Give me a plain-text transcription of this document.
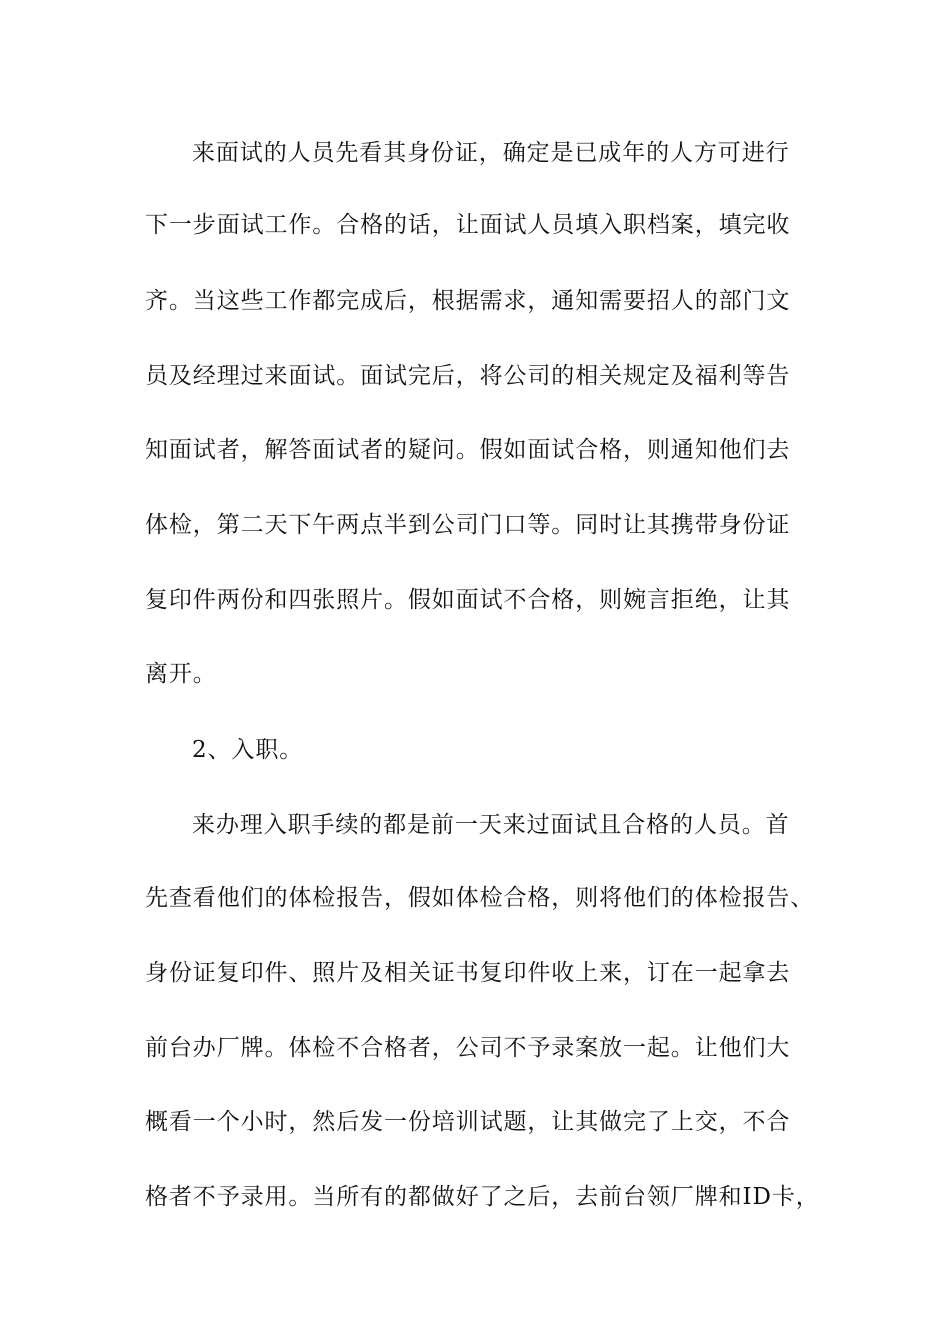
来面试的人员先看其身份证，确定是已成年的人方可进行
下一步面试工作。合格的话，让面试人员填入职档案，填完收
齐。当这些工作都完成后，根据需求，通知需要招人的部门文
员及经理过来面试。面试完后，将公司的相关规定及福利等告
知面试者，解答面试者的疑问。假如面试合格，则通知他们去
体检，第二天下午两点半到公司门口等。同时让其携带身份证
复印件两份和四张照片。假如面试不合格，则婉言拒绝，让其
离开。
2、入职。
来办理入职手续的都是前一天来过面试且合格的人员。首
先查看他们的体检报告，假如体检合格，则将他们的体检报告、
身份证复印件、照片及相关证书复印件收上来，订在一起拿去
前台办厂牌。体检不合格者，公司不予录案放一起。让他们大
概看一个小时，然后发一份培训试题，让其做完了上交，不合
格者不予录用。当所有的都做好了之后，去前台领厂牌和ID卡，
